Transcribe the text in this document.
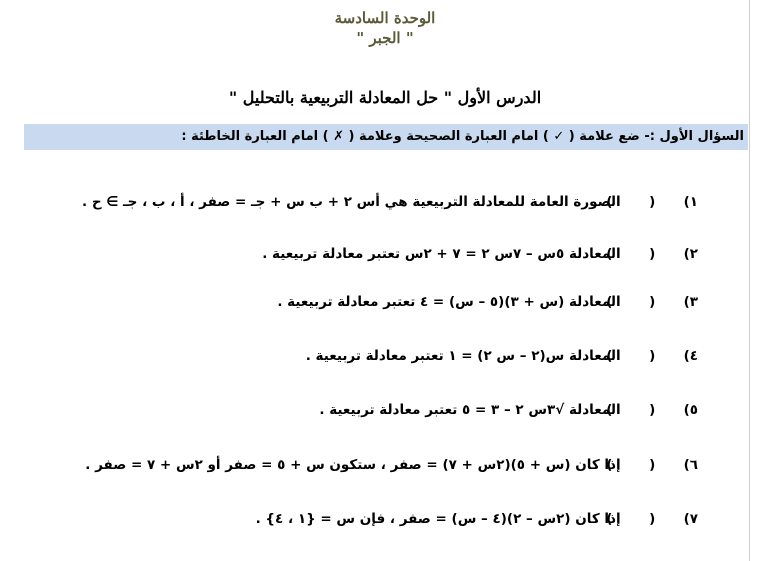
الوحدة السادسة
" الجبر "
الدرس الأول " حل المعادلة التربيعية بالتحليل "
السؤال الأول :- ضع علامة ( ✓ ) امام العبارة الصحيحة وعلامة ( ✗ ) امام العبارة الخاطئة :
١) ( ) الصورة العامة للمعادلة التربيعية هي أس ٢ + ب س + جـ = صفر ، أ ، ب ، جـ ∋ ح .
٢) ( ) المعادلة ٥س – ٧س ٢ = ٧ + ٢س تعتبر معادلة تربيعية .
٣) ( ) المعادلة (س + ٣)(٥ – س) = ٤ تعتبر معادلة تربيعية .
٤) ( ) المعادلة س(٢ – س ٢) = ١ تعتبر معادلة تربيعية .
٥) ( ) المعادلة √٣س ٢ – ٣ = ٥ تعتبر معادلة تربيعية .
٦) ( ) إذا كان (س + ٥)(٢س + ٧) = صفر ، ستكون س + ٥ = صفر أو ٢س + ٧ = صفر .
٧) ( ) إذا كان (٢س – ٢)(٤ – س) = صفر ، فإن س = {١ ، ٤} .
